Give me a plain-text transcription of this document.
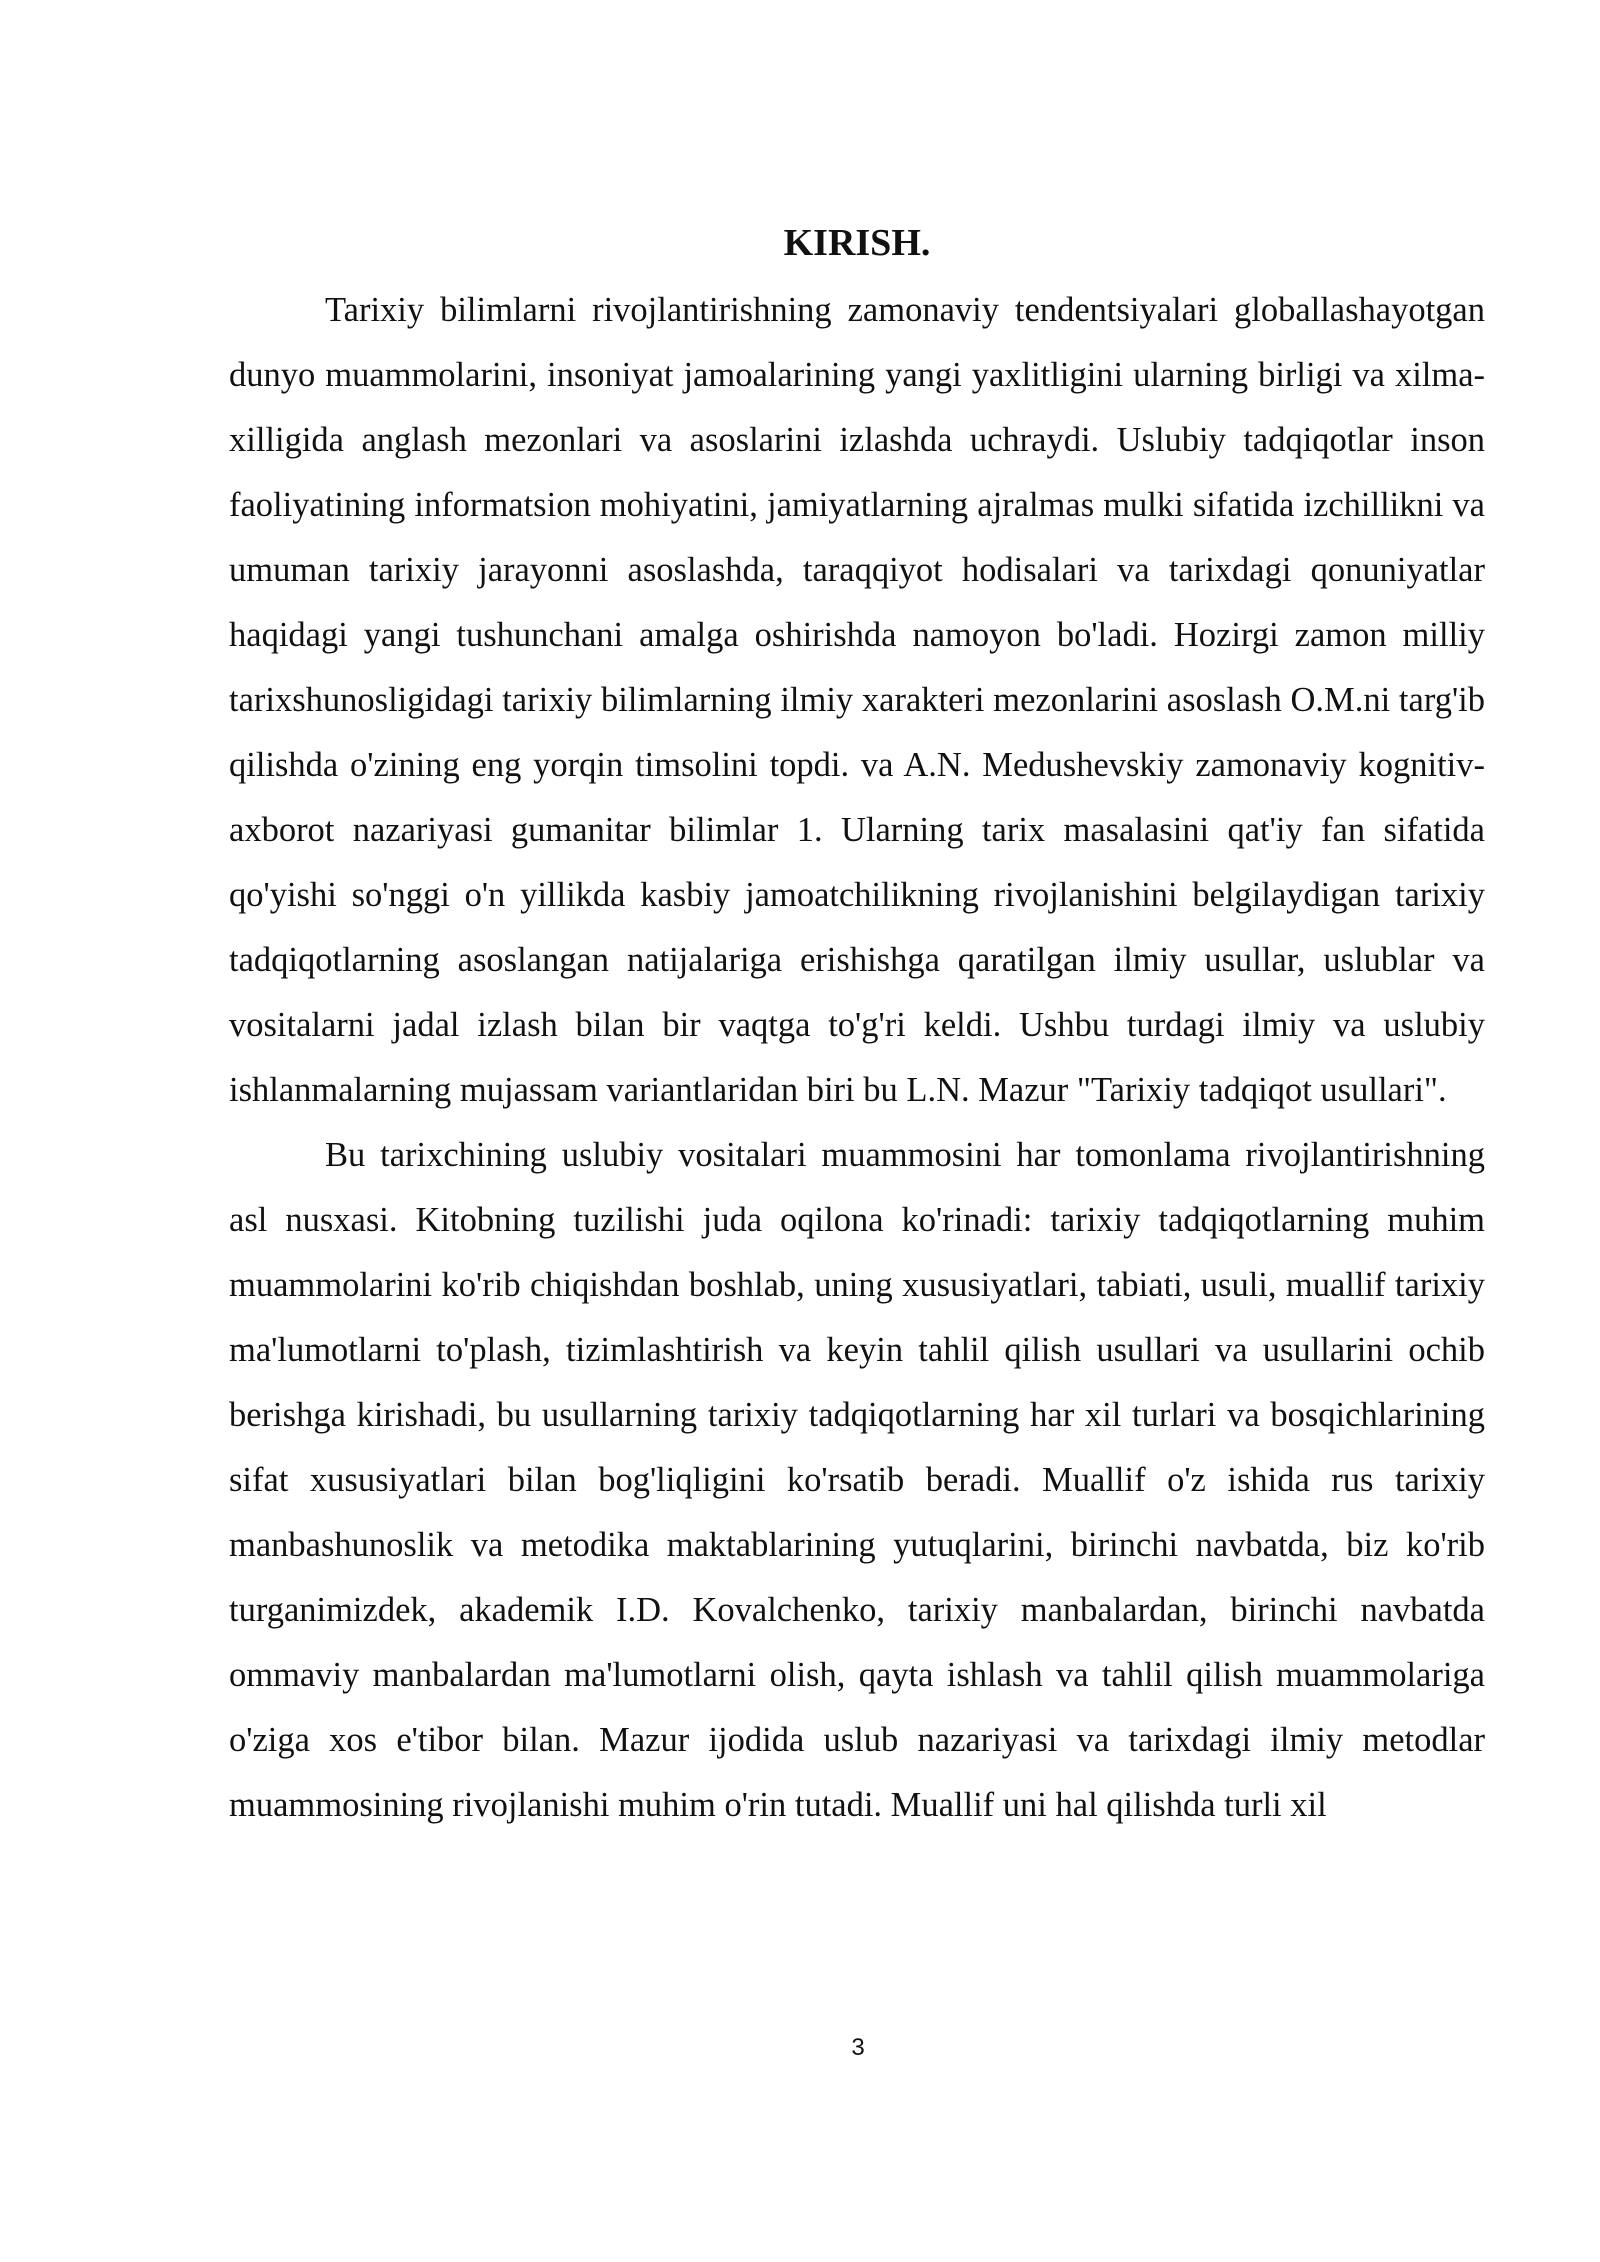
KIRISH.

Tarixiy bilimlarni rivojlantirishning zamonaviy tendentsiyalari globallashayotgan dunyo muammolarini, insoniyat jamoalarining yangi yaxlitligini ularning birligi va xilma-xilligida anglash mezonlari va asoslarini izlashda uchraydi. Uslubiy tadqiqotlar inson faoliyatining informatsion mohiyatini, jamiyatlarning ajralmas mulki sifatida izchillikni va umuman tarixiy jarayonni asoslashda, taraqqiyot hodisalari va tarixdagi qonuniyatlar haqidagi yangi tushunchani amalga oshirishda namoyon bo'ladi. Hozirgi zamon milliy tarixshunosligidagi tarixiy bilimlarning ilmiy xarakteri mezonlarini asoslash O.M.ni targ'ib qilishda o'zining eng yorqin timsolini topdi. va A.N. Medushevskiy zamonaviy kognitiv-axborot nazariyasi gumanitar bilimlar 1. Ularning tarix masalasini qat'iy fan sifatida qo'yishi so'nggi o'n yillikda kasbiy jamoatchilikning rivojlanishini belgilaydigan tarixiy tadqiqotlarning asoslangan natijalariga erishishga qaratilgan ilmiy usullar, uslublar va vositalarni jadal izlash bilan bir vaqtga to'g'ri keldi. Ushbu turdagi ilmiy va uslubiy ishlanmalarning mujassam variantlaridan biri bu L.N. Mazur "Tarixiy tadqiqot usullari".

Bu tarixchining uslubiy vositalari muammosini har tomonlama rivojlantirishning asl nusxasi. Kitobning tuzilishi juda oqilona ko'rinadi: tarixiy tadqiqotlarning muhim muammolarini ko'rib chiqishdan boshlab, uning xususiyatlari, tabiati, usuli, muallif tarixiy ma'lumotlarni to'plash, tizimlashtirish va keyin tahlil qilish usullari va usullarini ochib berishga kirishadi, bu usullarning tarixiy tadqiqotlarning har xil turlari va bosqichlarining sifat xususiyatlari bilan bog'liqligini ko'rsatib beradi. Muallif o'z ishida rus tarixiy manbashunoslik va metodika maktablarining yutuqlarini, birinchi navbatda, biz ko'rib turganimizdek, akademik I.D. Kovalchenko, tarixiy manbalardan, birinchi navbatda ommaviy manbalardan ma'lumotlarni olish, qayta ishlash va tahlil qilish muammolariga o'ziga xos e'tibor bilan. Mazur ijodida uslub nazariyasi va tarixdagi ilmiy metodlar muammosining rivojlanishi muhim o'rin tutadi. Muallif uni hal qilishda turli xil

3
